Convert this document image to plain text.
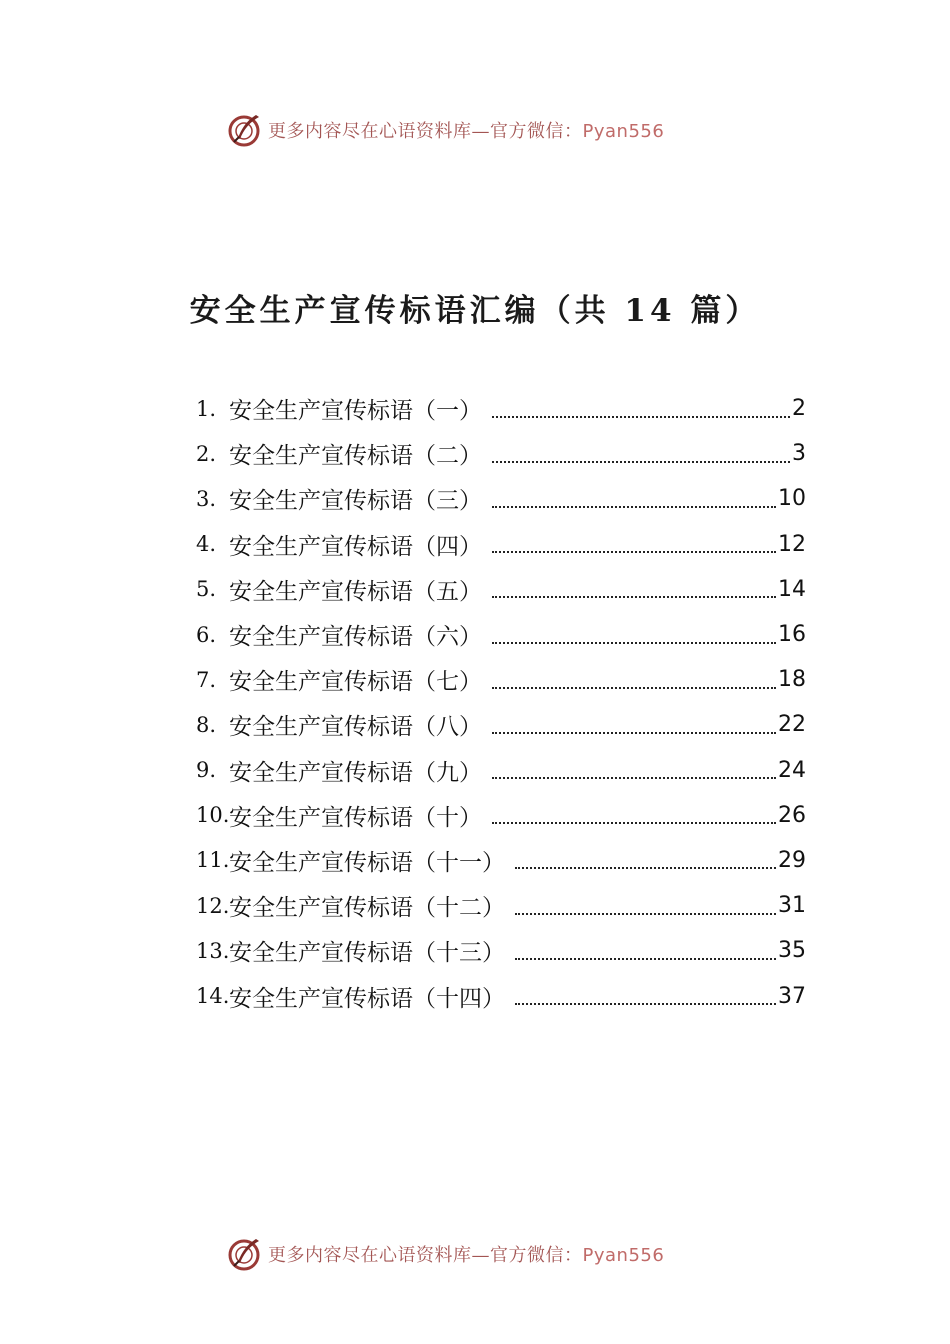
更多内容尽在心语资料库—官方微信：Pyan556
安全生产宣传标语汇编（共 14 篇）
1. 安全生产宣传标语（一）	2
2. 安全生产宣传标语（二）	3
3. 安全生产宣传标语（三）	10
4. 安全生产宣传标语（四）	12
5. 安全生产宣传标语（五）	14
6. 安全生产宣传标语（六）	16
7. 安全生产宣传标语（七）	18
8. 安全生产宣传标语（八）	22
9. 安全生产宣传标语（九）	24
10. 安全生产宣传标语（十）	26
11. 安全生产宣传标语（十一）	29
12. 安全生产宣传标语（十二）	31
13. 安全生产宣传标语（十三）	35
14. 安全生产宣传标语（十四）	37
更多内容尽在心语资料库—官方微信：Pyan556
